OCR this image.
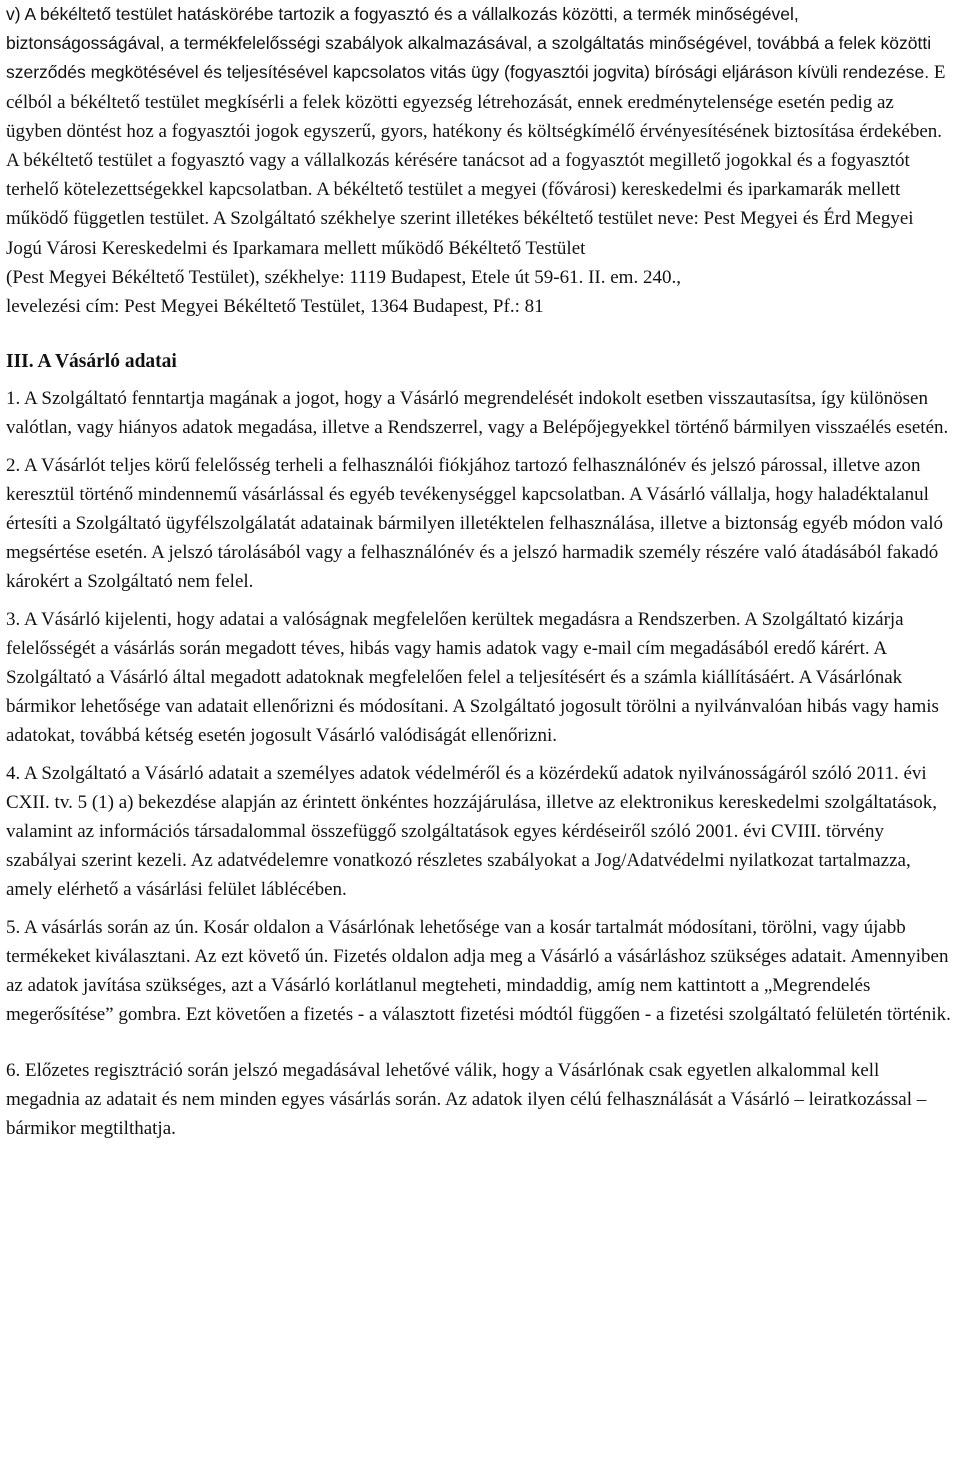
v) A békéltető testület hatáskörébe tartozik a fogyasztó és a vállalkozás közötti, a termék minőségével, biztonságosságával, a termékfelelősségi szabályok alkalmazásával, a szolgáltatás minőségével, továbbá a felek közötti szerződés megkötésével és teljesítésével kapcsolatos vitás ügy (fogyasztói jogvita) bírósági eljáráson kívüli rendezése. E célból a békéltető testület megkísérli a felek közötti egyezség létrehozását, ennek eredménytelensége esetén pedig az ügyben döntést hoz a fogyasztói jogok egyszerű, gyors, hatékony és költségkímélő érvényesítésének biztosítása érdekében. A békéltető testület a fogyasztó vagy a vállalkozás kérésére tanácsot ad a fogyasztót megillető jogokkal és a fogyasztót terhelő kötelezettségekkel kapcsolatban. A békéltető testület a megyei (fővárosi) kereskedelmi és iparkamarák mellett működő független testület. A Szolgáltató székhelye szerint illetékes békéltető testület neve: Pest Megyei és Érd Megyei Jogú Városi Kereskedelmi és Iparkamara mellett működő Békéltető Testület

(Pest Megyei Békéltető Testület), székhelye: 1119 Budapest, Etele út 59-61. II. em. 240.,

levelezési cím: Pest Megyei Békéltető Testület, 1364 Budapest, Pf.: 81

III. A Vásárló adatai

1. A Szolgáltató fenntartja magának a jogot, hogy a Vásárló megrendelését indokolt esetben visszautasítsa, így különösen valótlan, vagy hiányos adatok megadása, illetve a Rendszerrel, vagy a Belépőjegyekkel történő bármilyen visszaélés esetén.

2. A Vásárlót teljes körű felelősség terheli a felhasználói fiókjához tartozó felhasználónév és jelszó párossal, illetve azon keresztül történő mindennemű vásárlással és egyéb tevékenységgel kapcsolatban. A Vásárló vállalja, hogy haladéktalanul értesíti a Szolgáltató ügyfélszolgálatát adatainak bármilyen illetéktelen felhasználása, illetve a biztonság egyéb módon való megsértése esetén. A jelszó tárolásából vagy a felhasználónév és a jelszó harmadik személy részére való átadásából fakadó károkért a Szolgáltató nem felel.

3. A Vásárló kijelenti, hogy adatai a valóságnak megfelelően kerültek megadásra a Rendszerben. A Szolgáltató kizárja felelősségét a vásárlás során megadott téves, hibás vagy hamis adatok vagy e-mail cím megadásából eredő kárért. A Szolgáltató a Vásárló által megadott adatoknak megfelelően felel a teljesítésért és a számla kiállításáért. A Vásárlónak bármikor lehetősége van adatait ellenőrizni és módosítani. A Szolgáltató jogosult törölni a nyilvánvalóan hibás vagy hamis adatokat, továbbá kétség esetén jogosult Vásárló valódiságát ellenőrizni.

4. A Szolgáltató a Vásárló adatait a személyes adatok védelméről és a közérdekű adatok nyilvánosságáról szóló 2011. évi CXII. tv. 5 (1) a) bekezdése alapján az érintett önkéntes hozzájárulása, illetve az elektronikus kereskedelmi szolgáltatások, valamint az információs társadalommal összefüggő szolgáltatások egyes kérdéseiről szóló 2001. évi CVIII. törvény szabályai szerint kezeli. Az adatvédelemre vonatkozó részletes szabályokat a Jog/Adatvédelmi nyilatkozat tartalmazza, amely elérhető a vásárlási felület láblécében.

5. A vásárlás során az ún. Kosár oldalon a Vásárlónak lehetősége van a kosár tartalmát módosítani, törölni, vagy újabb termékeket kiválasztani. Az ezt követő ún. Fizetés oldalon adja meg a Vásárló a vásárláshoz szükséges adatait. Amennyiben az adatok javítása szükséges, azt a Vásárló korlátlanul megteheti, mindaddig, amíg nem kattintott a „Megrendelés megerősítése” gombra. Ezt követően a fizetés - a választott fizetési módtól függően - a fizetési szolgáltató felületén történik.

6. Előzetes regisztráció során jelszó megadásával lehetővé válik, hogy a Vásárlónak csak egyetlen alkalommal kell megadnia az adatait és nem minden egyes vásárlás során. Az adatok ilyen célú felhasználását a Vásárló – leiratkozással – bármikor megtilthatja.
